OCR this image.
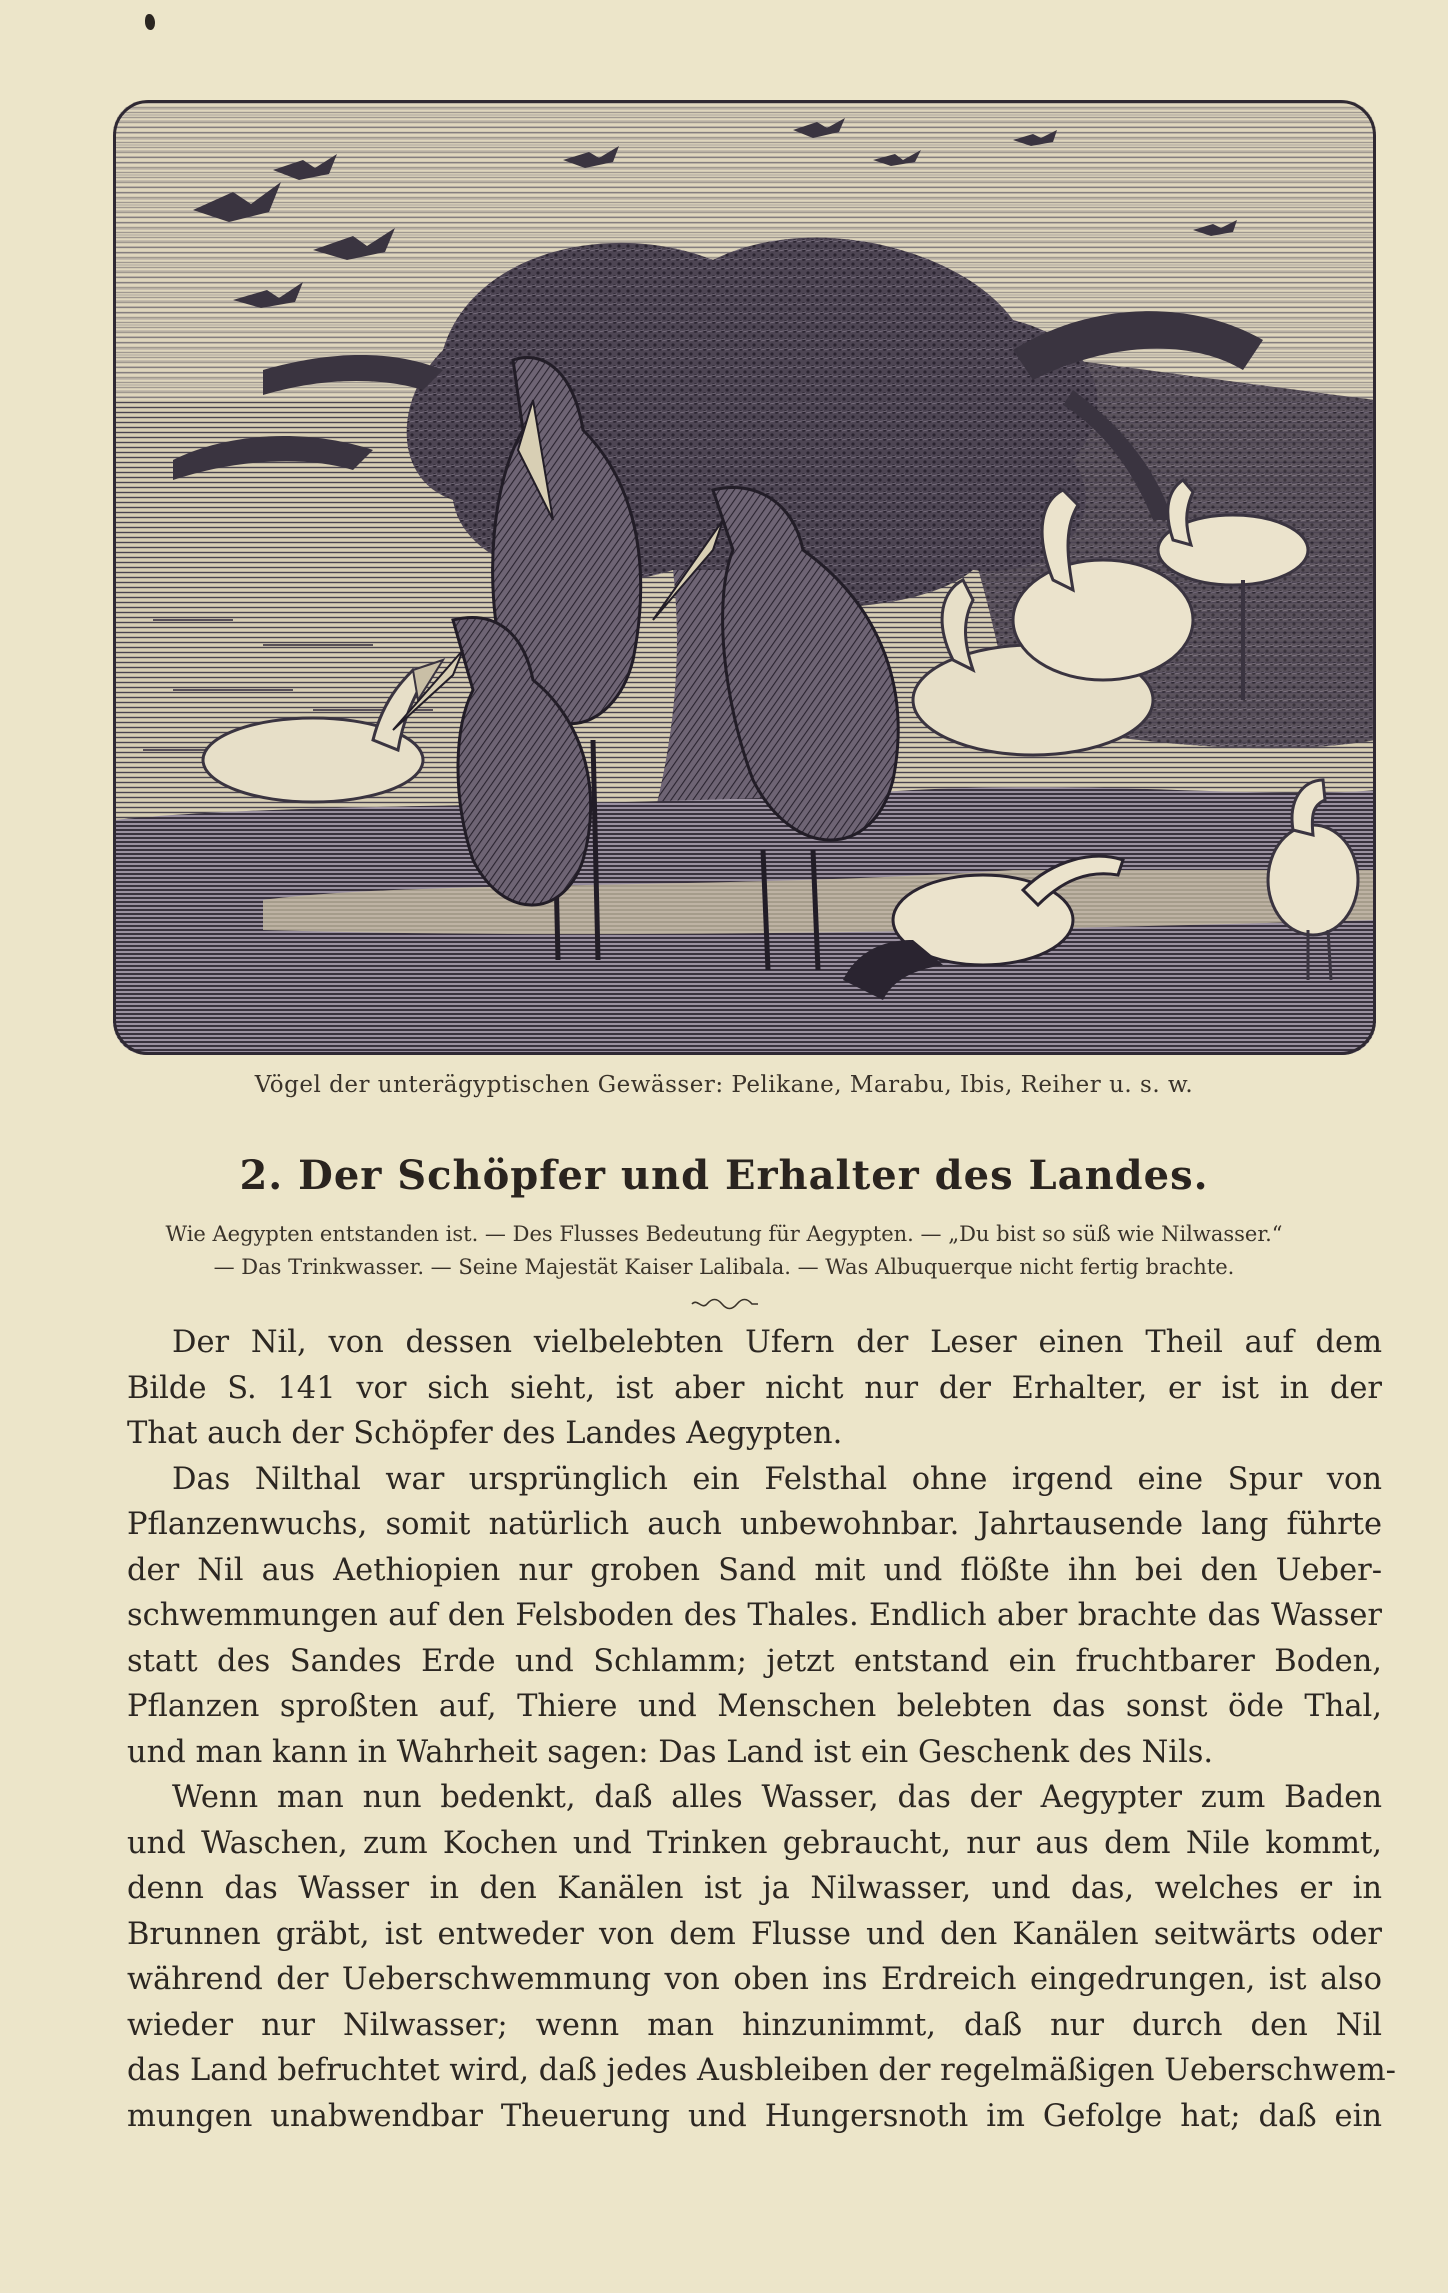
Vögel der unterägyptischen Gewässer: Pelikane, Marabu, Ibis, Reiher u. s. w.
2. Der Schöpfer und Erhalter des Landes.
Wie Aegypten entstanden ist. — Des Flusses Bedeutung für Aegypten. — „Du bist so süß wie Nilwasser.“
— Das Trinkwasser. — Seine Majestät Kaiser Lalibala. — Was Albuquerque nicht fertig brachte.
Der Nil, von dessen vielbelebten Ufern der Leser einen Theil auf dem
Bilde S. 141 vor sich sieht, ist aber nicht nur der Erhalter, er ist in der
That auch der Schöpfer des Landes Aegypten.
Das Nilthal war ursprünglich ein Felsthal ohne irgend eine Spur von
Pflanzenwuchs, somit natürlich auch unbewohnbar. Jahrtausende lang führte
der Nil aus Aethiopien nur groben Sand mit und flößte ihn bei den Ueber-
schwemmungen auf den Felsboden des Thales. Endlich aber brachte das Wasser
statt des Sandes Erde und Schlamm; jetzt entstand ein fruchtbarer Boden,
Pflanzen sproßten auf, Thiere und Menschen belebten das sonst öde Thal,
und man kann in Wahrheit sagen: Das Land ist ein Geschenk des Nils.
Wenn man nun bedenkt, daß alles Wasser, das der Aegypter zum Baden
und Waschen, zum Kochen und Trinken gebraucht, nur aus dem Nile kommt,
denn das Wasser in den Kanälen ist ja Nilwasser, und das, welches er in
Brunnen gräbt, ist entweder von dem Flusse und den Kanälen seitwärts oder
während der Ueberschwemmung von oben ins Erdreich eingedrungen, ist also
wieder nur Nilwasser; wenn man hinzunimmt, daß nur durch den Nil
das Land befruchtet wird, daß jedes Ausbleiben der regelmäßigen Ueberschwem-
mungen unabwendbar Theuerung und Hungersnoth im Gefolge hat; daß ein
